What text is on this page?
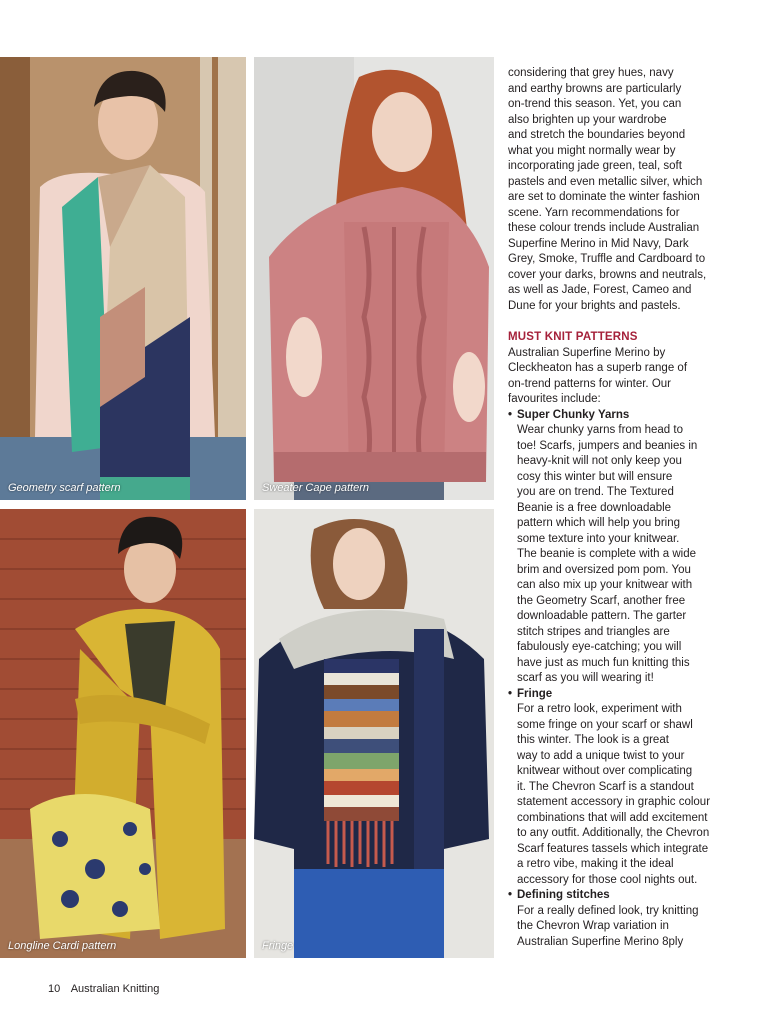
Geometry scarf pattern	Sweater Cape pattern
Longline Cardi pattern	Fringe

considering that grey hues, navy
and earthy browns are particularly
on-trend this season. Yet, you can
also brighten up your wardrobe
and stretch the boundaries beyond
what you might normally wear by
incorporating jade green, teal, soft
pastels and even metallic silver, which
are set to dominate the winter fashion
scene. Yarn recommendations for
these colour trends include Australian
Superfine Merino in Mid Navy, Dark
Grey, Smoke, Truffle and Cardboard to
cover your darks, browns and neutrals,
as well as Jade, Forest, Cameo and
Dune for your brights and pastels.

MUST KNIT PATTERNS

Australian Superfine Merino by
Cleckheaton has a superb range of
on-trend patterns for winter. Our
favourites include:

• Super Chunky Yarns

Wear chunky yarns from head to
toe! Scarfs, jumpers and beanies in
heavy-knit will not only keep you
cosy this winter but will ensure
you are on trend. The Textured
Beanie is a free downloadable
pattern which will help you bring
some texture into your knitwear.
The beanie is complete with a wide
brim and oversized pom pom. You
can also mix up your knitwear with
the Geometry Scarf, another free
downloadable pattern. The garter
stitch stripes and triangles are
fabulously eye-catching; you will
have just as much fun knitting this
scarf as you will wearing it!

• Fringe

For a retro look, experiment with
some fringe on your scarf or shawl
this winter. The look is a great
way to add a unique twist to your
knitwear without over complicating
it. The Chevron Scarf is a standout
statement accessory in graphic colour
combinations that will add excitement
to any outfit. Additionally, the Chevron
Scarf features tassels which integrate
a retro vibe, making it the ideal
accessory for those cool nights out.

• Defining stitches

For a really defined look, try knitting
the Chevron Wrap variation in
Australian Superfine Merino 8ply

10 Australian Knitting
